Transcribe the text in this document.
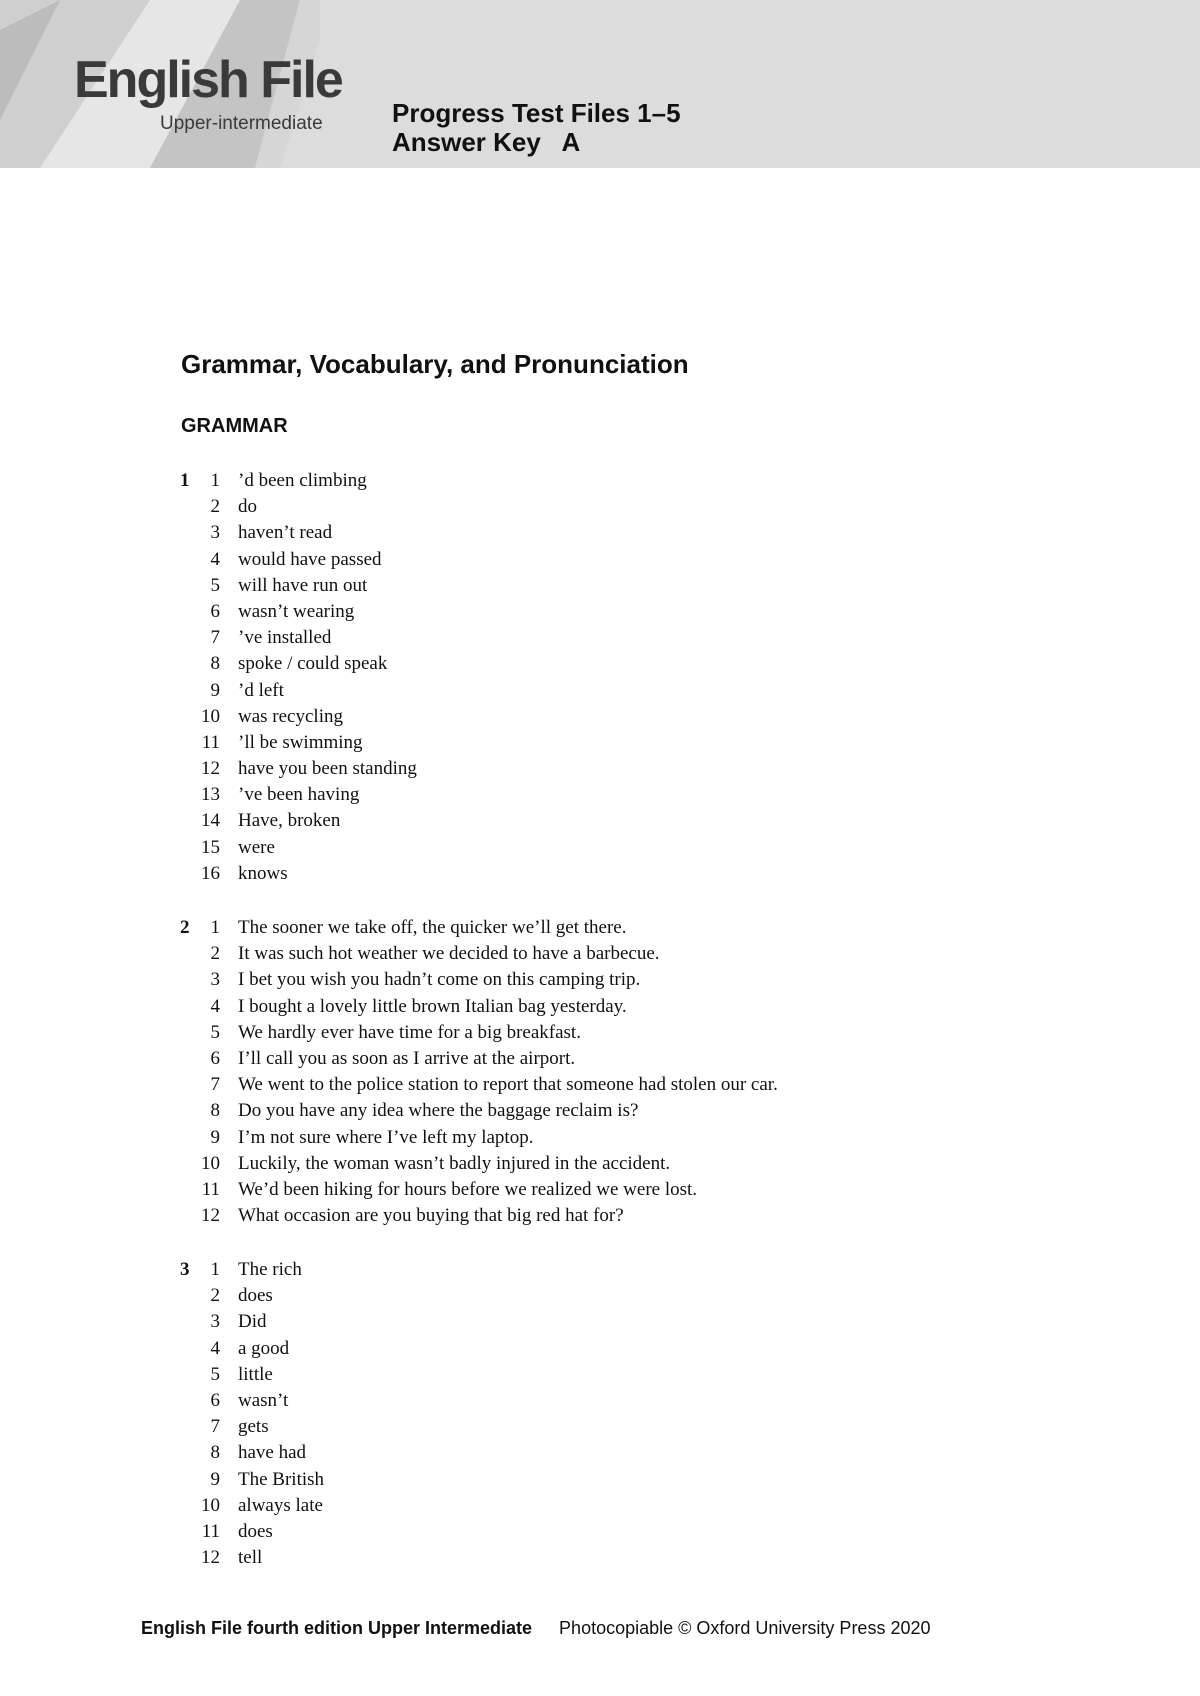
English File
Upper-intermediate	Progress Test Files 1–5
Answer Key   A
Grammar, Vocabulary, and Pronunciation
GRAMMAR
1	1 ’d been climbing
2 do
3 haven’t read
4 would have passed
5 will have run out
6 wasn’t wearing
7 ’ve installed
8 spoke / could speak
9 ’d left
10 was recycling
11 ’ll be swimming
12 have you been standing
13 ’ve been having
14 Have, broken
15 were
16 knows
2	1 The sooner we take off, the quicker we’ll get there.
2 It was such hot weather we decided to have a barbecue.
3 I bet you wish you hadn’t come on this camping trip.
4 I bought a lovely little brown Italian bag yesterday.
5 We hardly ever have time for a big breakfast.
6 I’ll call you as soon as I arrive at the airport.
7 We went to the police station to report that someone had stolen our car.
8 Do you have any idea where the baggage reclaim is?
9 I’m not sure where I’ve left my laptop.
10 Luckily, the woman wasn’t badly injured in the accident.
11 We’d been hiking for hours before we realized we were lost.
12 What occasion are you buying that big red hat for?
3	1 The rich
2 does
3 Did
4 a good
5 little
6 wasn’t
7 gets
8 have had
9 The British
10 always late
11 does
12 tell
English File fourth edition Upper Intermediate Photocopiable © Oxford University Press 2020
